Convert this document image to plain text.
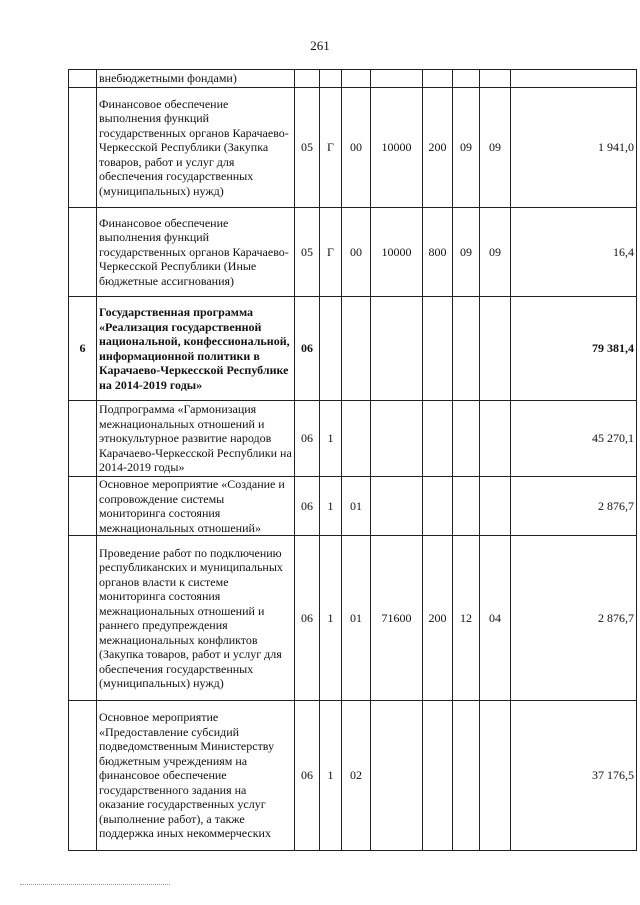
261
	внебюджетными фондами)								
	Финансовое обеспечение выполнения функций государственных органов Карачаево-Черкесской Республики (Закупка товаров, работ и услуг для обеспечения государственных (муниципальных) нужд)	05	Г	00	10000	200	09	09	1 941,0
	Финансовое обеспечение выполнения функций государственных органов Карачаево-Черкесской Республики (Иные бюджетные ассигнования)	05	Г	00	10000	800	09	09	16,4
6	Государственная программа «Реализация государственной национальной, конфессиональной, информационной политики в Карачаево-Черкесской Республике на 2014-2019 годы»	06							79 381,4
	Подпрограмма «Гармонизация межнациональных отношений и этнокультурное развитие народов Карачаево-Черкесской Республики на 2014-2019 годы»	06	1						45 270,1
	Основное мероприятие «Создание и сопровождение системы мониторинга состояния межнациональных отношений»	06	1	01					2 876,7
	Проведение работ по подключению республиканских и муниципальных органов власти к системе мониторинга состояния межнациональных отношений и раннего предупреждения межнациональных конфликтов (Закупка товаров, работ и услуг для обеспечения государственных (муниципальных) нужд)	06	1	01	71600	200	12	04	2 876,7
	Основное мероприятие «Предоставление субсидий подведомственным Министерству бюджетным учреждениям на финансовое обеспечение государственного задания на оказание государственных услуг (выполнение работ), а также поддержка иных некоммерческих	06	1	02					37 176,5
